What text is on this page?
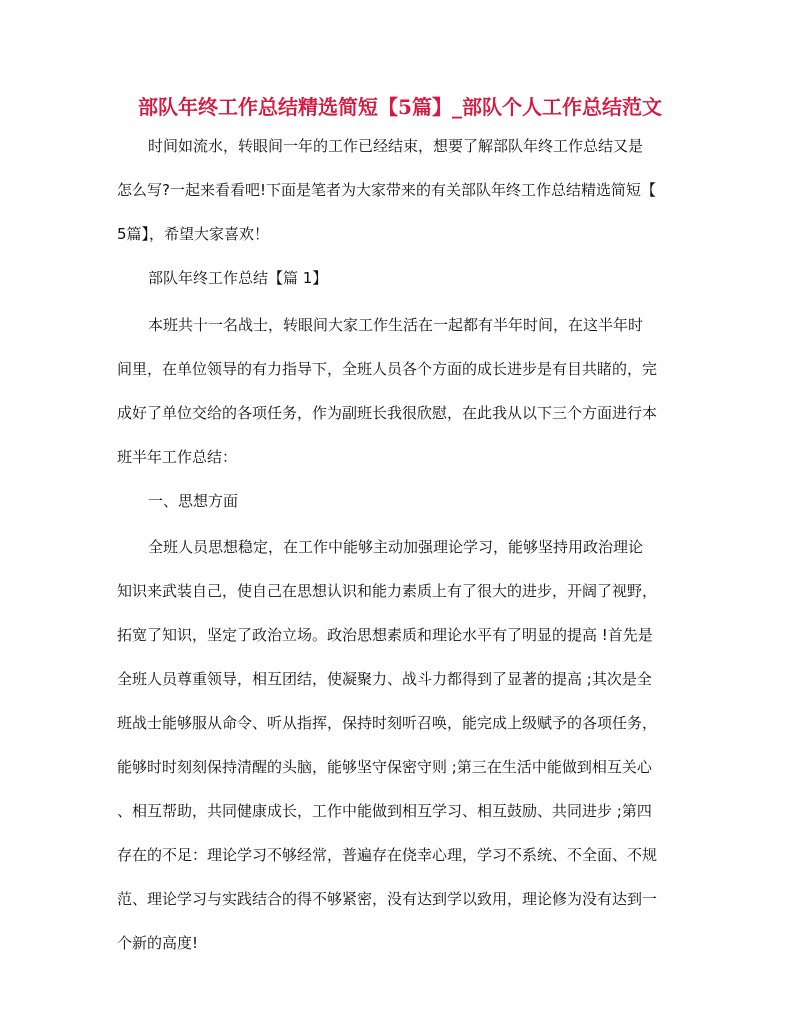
部队年终工作总结精选简短【5篇】_部队个人工作总结范文

时间如流水，转眼间一年的工作已经结束，想要了解部队年终工作总结又是

怎么写?一起来看看吧!下面是笔者为大家带来的有关部队年终工作总结精选简短【

5篇】，希望大家喜欢！

部队年终工作总结【篇 1】

本班共十一名战士，转眼间大家工作生活在一起都有半年时间，在这半年时

间里，在单位领导的有力指导下，全班人员各个方面的成长进步是有目共睹的，完

成好了单位交给的各项任务，作为副班长我很欣慰，在此我从以下三个方面进行本

班半年工作总结：

一、思想方面

全班人员思想稳定，在工作中能够主动加强理论学习，能够坚持用政治理论

知识来武装自己，使自己在思想认识和能力素质上有了很大的进步，开阔了视野，

拓宽了知识，坚定了政治立场。政治思想素质和理论水平有了明显的提高 !首先是

全班人员尊重领导，相互团结，使凝聚力、战斗力都得到了显著的提高 ;其次是全

班战士能够服从命令、听从指挥，保持时刻听召唤，能完成上级赋予的各项任务，

能够时时刻刻保持清醒的头脑，能够坚守保密守则 ;第三在生活中能做到相互关心

、相互帮助，共同健康成长，工作中能做到相互学习、相互鼓励、共同进步 ;第四

存在的不足：理论学习不够经常，普遍存在侥幸心理，学习不系统、不全面、不规

范、理论学习与实践结合的得不够紧密，没有达到学以致用，理论修为没有达到一

个新的高度!
